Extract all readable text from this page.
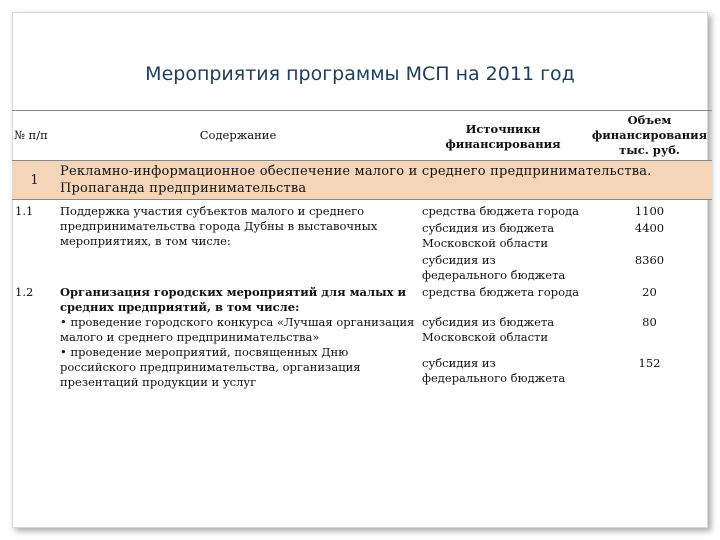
Мероприятия программы МСП на 2011 год
№ п/п	Содержание	Источники финансирования	Объем финансирования тыс. руб.
1	Рекламно-информационное обеспечение малого и среднего предпринимательства.
Пропаганда предпринимательства		

1.1	Поддержка участия субъектов малого и среднего предпринимательства города Дубны в выставочных мероприятиях, в том числе:	средства бюджета города	1100
		субсидия из бюджета Московской области	4400
		субсидия из федерального бюджета	8360
1.2	Организация городских мероприятий для малых и средних предприятий, в том числе:
• проведение городского конкурса «Лучшая организация малого и среднего предпринимательства»
• проведение мероприятий, посвященных Дню российского предпринимательства, организация презентаций продукции и услуг	средства бюджета города	20
		субсидия из бюджета Московской области	80
		субсидия из федерального бюджета	152
